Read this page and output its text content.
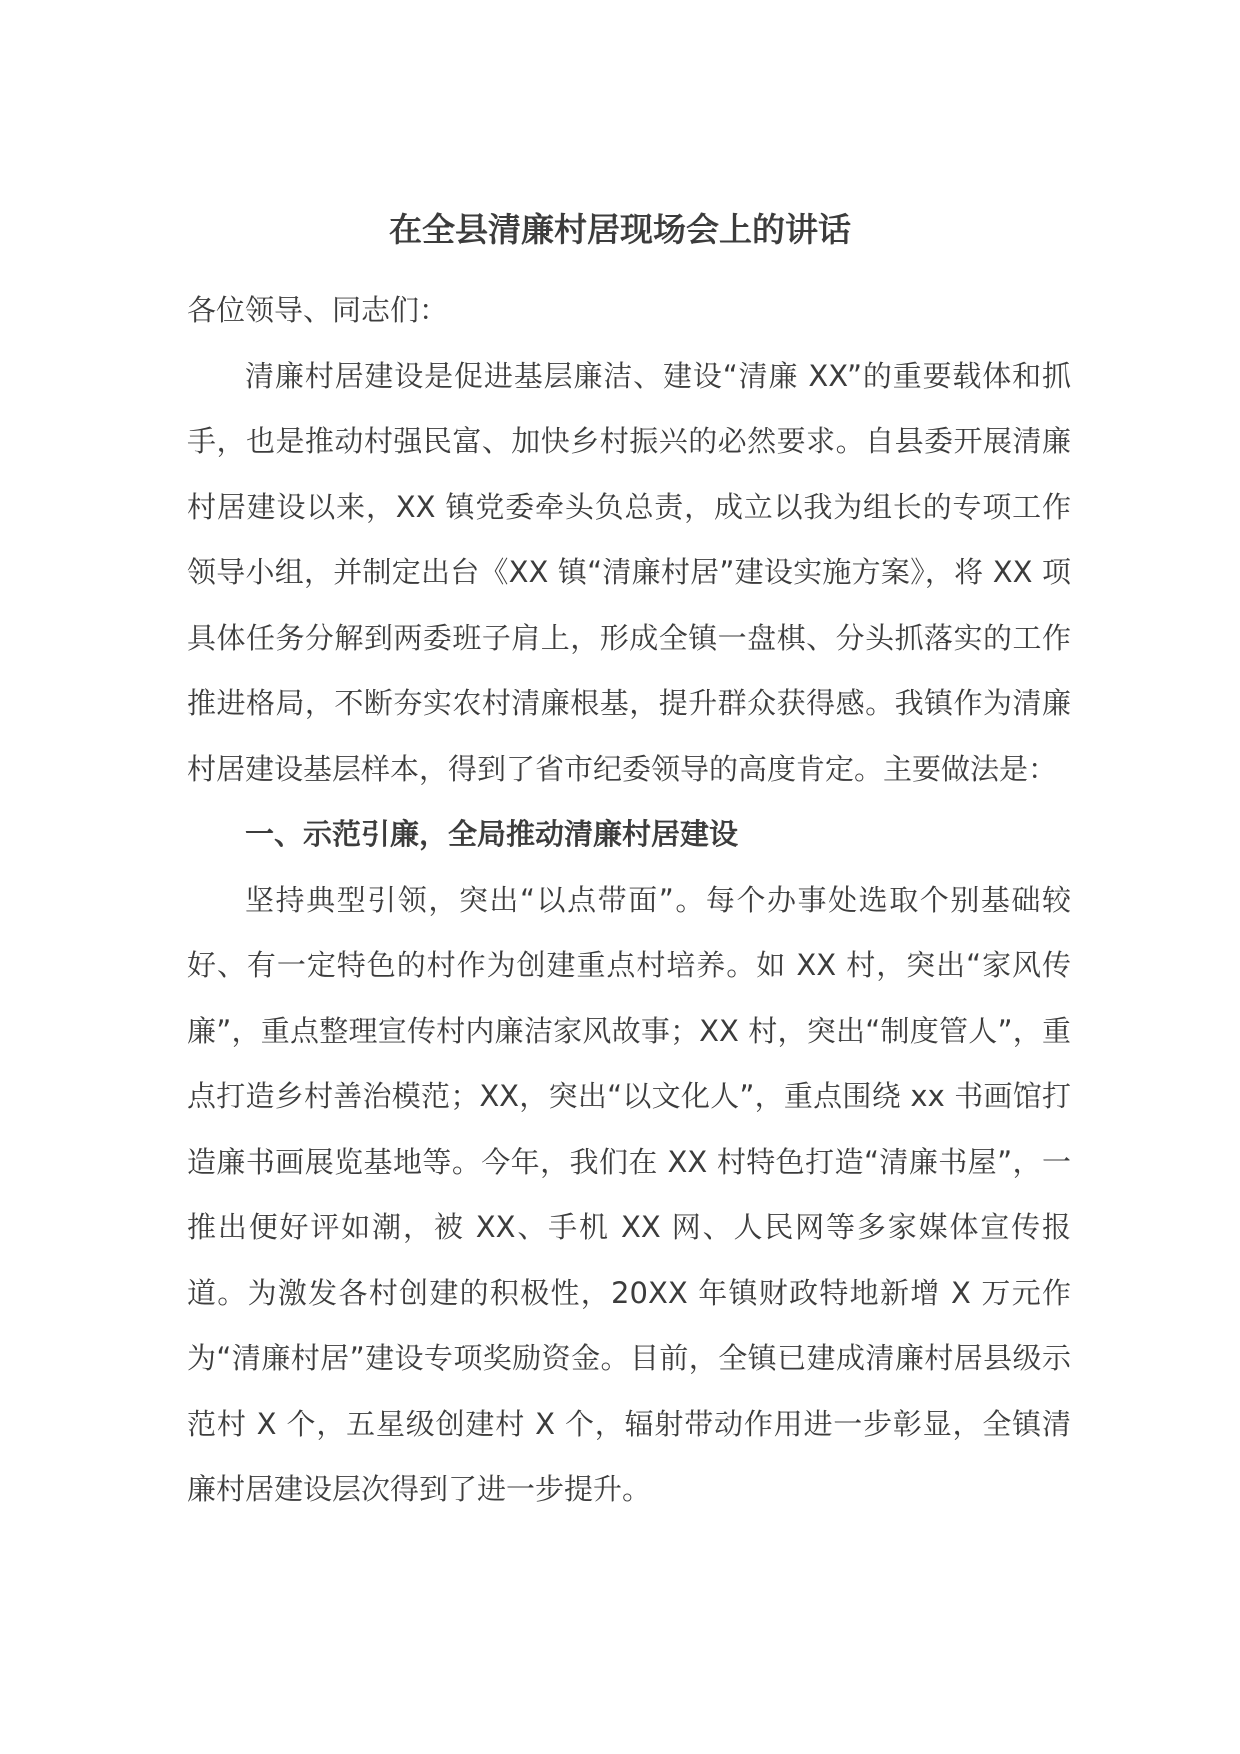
在全县清廉村居现场会上的讲话

各位领导、同志们：

清廉村居建设是促进基层廉洁、建设“清廉 XX”的重要载体和抓手，也是推动村强民富、加快乡村振兴的必然要求。自县委开展清廉村居建设以来，XX 镇党委牵头负总责，成立以我为组长的专项工作领导小组，并制定出台《XX 镇“清廉村居”建设实施方案》，将 XX 项具体任务分解到两委班子肩上，形成全镇一盘棋、分头抓落实的工作推进格局，不断夯实农村清廉根基，提升群众获得感。我镇作为清廉村居建设基层样本，得到了省市纪委领导的高度肯定。主要做法是：

一、示范引廉，全局推动清廉村居建设

坚持典型引领，突出“以点带面”。每个办事处选取个别基础较好、有一定特色的村作为创建重点村培养。如 XX 村，突出“家风传廉”，重点整理宣传村内廉洁家风故事；XX 村，突出“制度管人”，重点打造乡村善治模范；XX，突出“以文化人”，重点围绕 xx 书画馆打造廉书画展览基地等。今年，我们在 XX 村特色打造“清廉书屋”，一推出便好评如潮，被 XX、手机 XX 网、人民网等多家媒体宣传报道。为激发各村创建的积极性，20XX 年镇财政特地新增 X 万元作为“清廉村居”建设专项奖励资金。目前，全镇已建成清廉村居县级示范村 X 个，五星级创建村 X 个，辐射带动作用进一步彰显，全镇清廉村居建设层次得到了进一步提升。
